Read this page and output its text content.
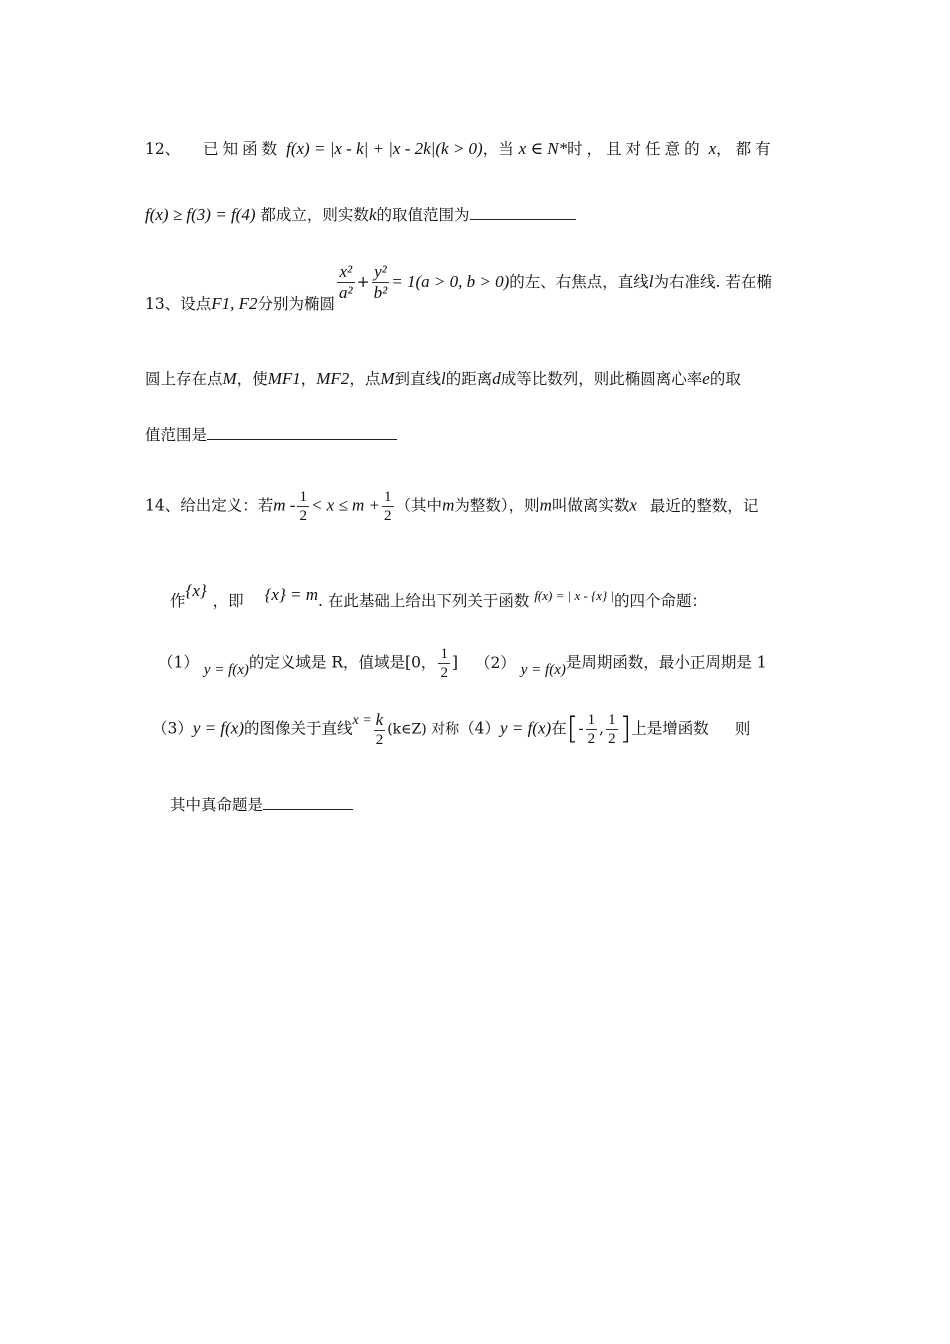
12、 已知函数 f(x) = |x - k| + |x - 2k|(k > 0)，当 x ∈ N*时，且对任意的 x，都有
f(x) ≥ f(3) = f(4) 都成立，则实数k的取值范围为
13、设点F1, F2分别为椭圆
$\frac{\text{x²}}{\text{a²}} + \frac{\text{y²}}{\text{b²}} = 1(a > 0$, b > 0)的左、右焦点，直线l为右准线. 若在椭
圆上存在点M，使MF1，MF2，点M到直线l的距离d成等比数列，则此椭圆离心率e的取
值范围是
14、给出定义：若$m - \frac{1}{2} < x \le m + \frac{1}{2}$ （其中m为整数），则m叫做离实数x 最近的整数，记
作{x}，即 {x} = m. 在此基础上给出下列关于函数 $^{f(x) = | x - \{x\} |}$的四个命题：
（1） y = f(x)的定义域是 R，值域是[0， $\frac{1}{2}$ ] （2） y = f(x)是周期函数，最小正周期是 1
（3）y = f(x)的图像关于直线$x = \frac{k}{2}$ (k∈Z) 对称（4）y = f(x)在[- $\frac{1}{2}$ , $\frac{1}{2}$ ]上是增函数 则
其中真命题是
